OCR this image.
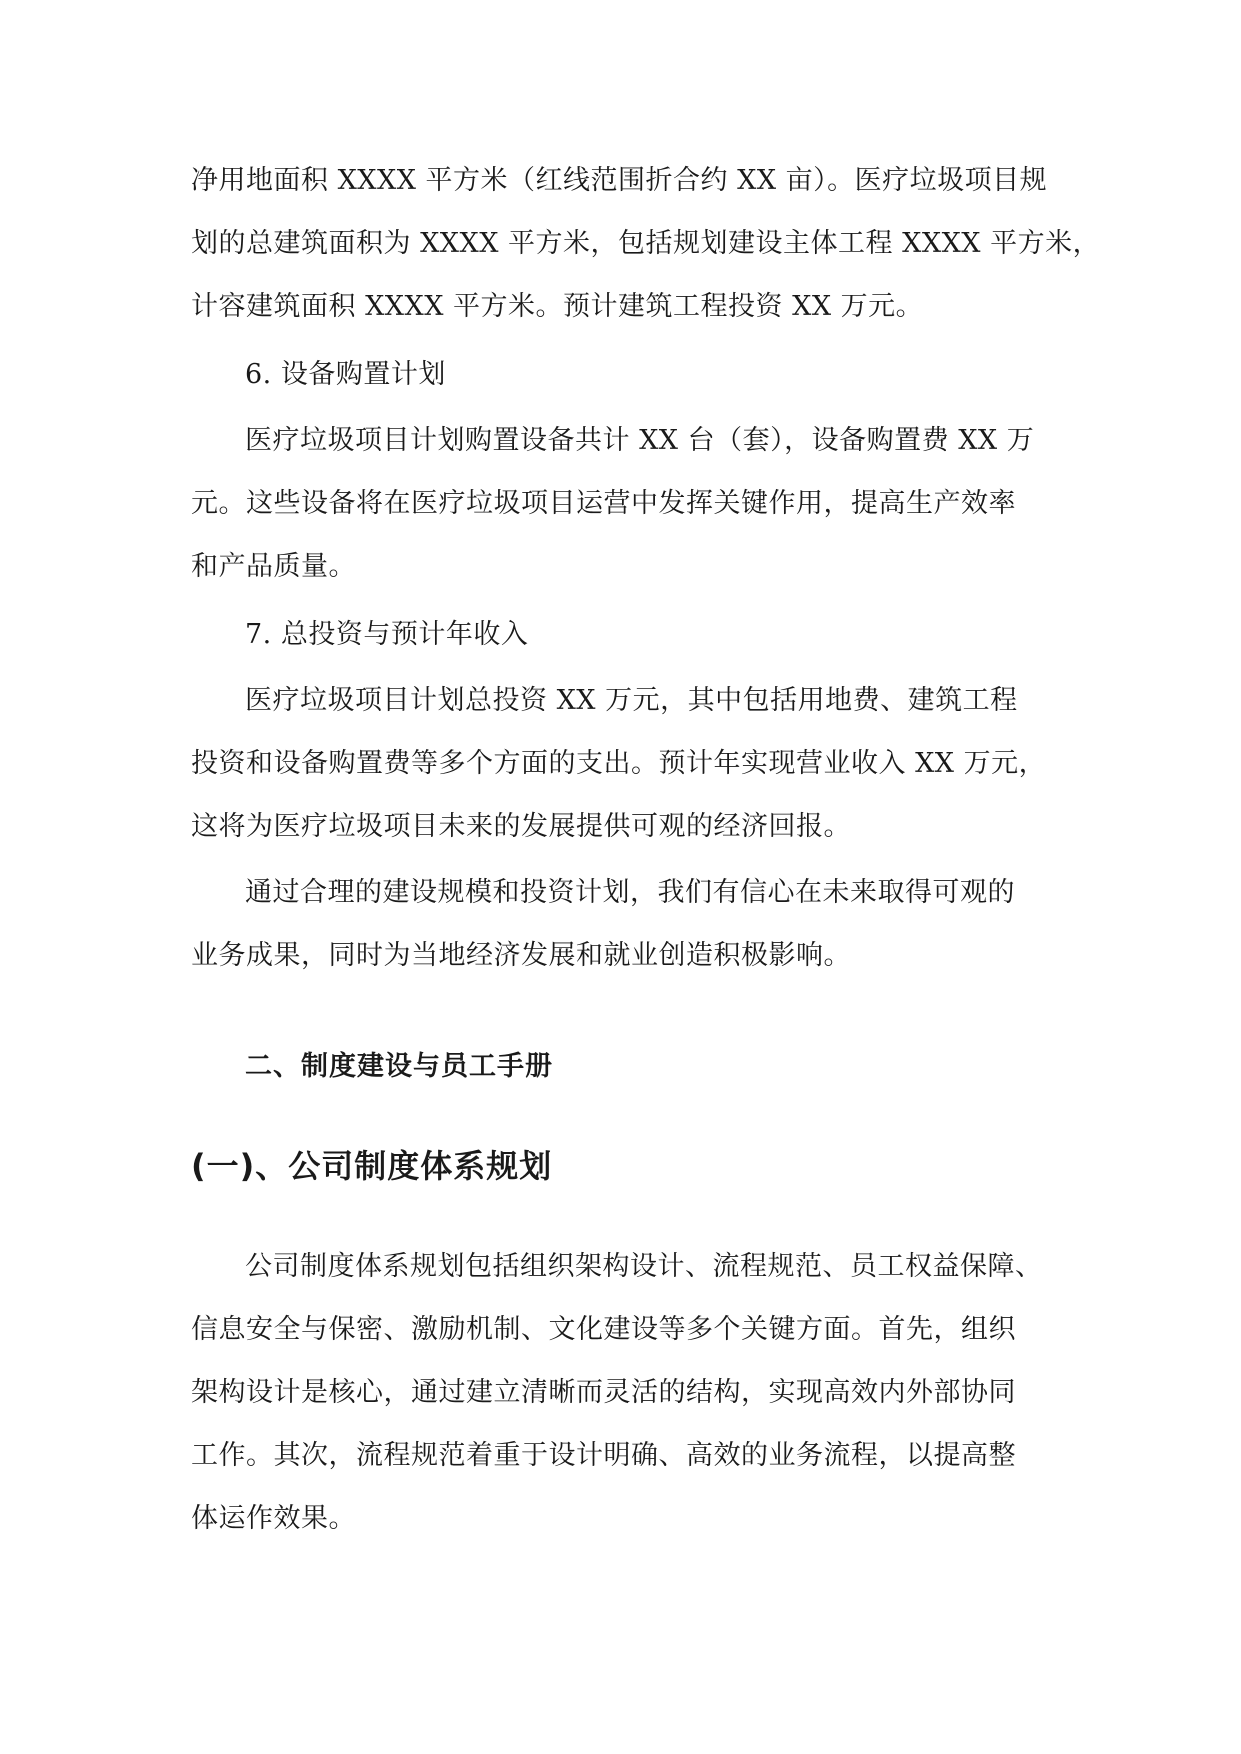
净用地面积 XXXX 平方米（红线范围折合约 XX 亩）。医疗垃圾项目规
划的总建筑面积为 XXXX 平方米，包括规划建设主体工程 XXXX 平方米，
计容建筑面积 XXXX 平方米。预计建筑工程投资 XX 万元。
6. 设备购置计划
医疗垃圾项目计划购置设备共计 XX 台（套），设备购置费 XX 万
元。这些设备将在医疗垃圾项目运营中发挥关键作用，提高生产效率
和产品质量。
7. 总投资与预计年收入
医疗垃圾项目计划总投资 XX 万元，其中包括用地费、建筑工程
投资和设备购置费等多个方面的支出。预计年实现营业收入 XX 万元，
这将为医疗垃圾项目未来的发展提供可观的经济回报。
通过合理的建设规模和投资计划，我们有信心在未来取得可观的
业务成果，同时为当地经济发展和就业创造积极影响。
二、制度建设与员工手册
(一)、公司制度体系规划
公司制度体系规划包括组织架构设计、流程规范、员工权益保障、
信息安全与保密、激励机制、文化建设等多个关键方面。首先，组织
架构设计是核心，通过建立清晰而灵活的结构，实现高效内外部协同
工作。其次，流程规范着重于设计明确、高效的业务流程，以提高整
体运作效果。
